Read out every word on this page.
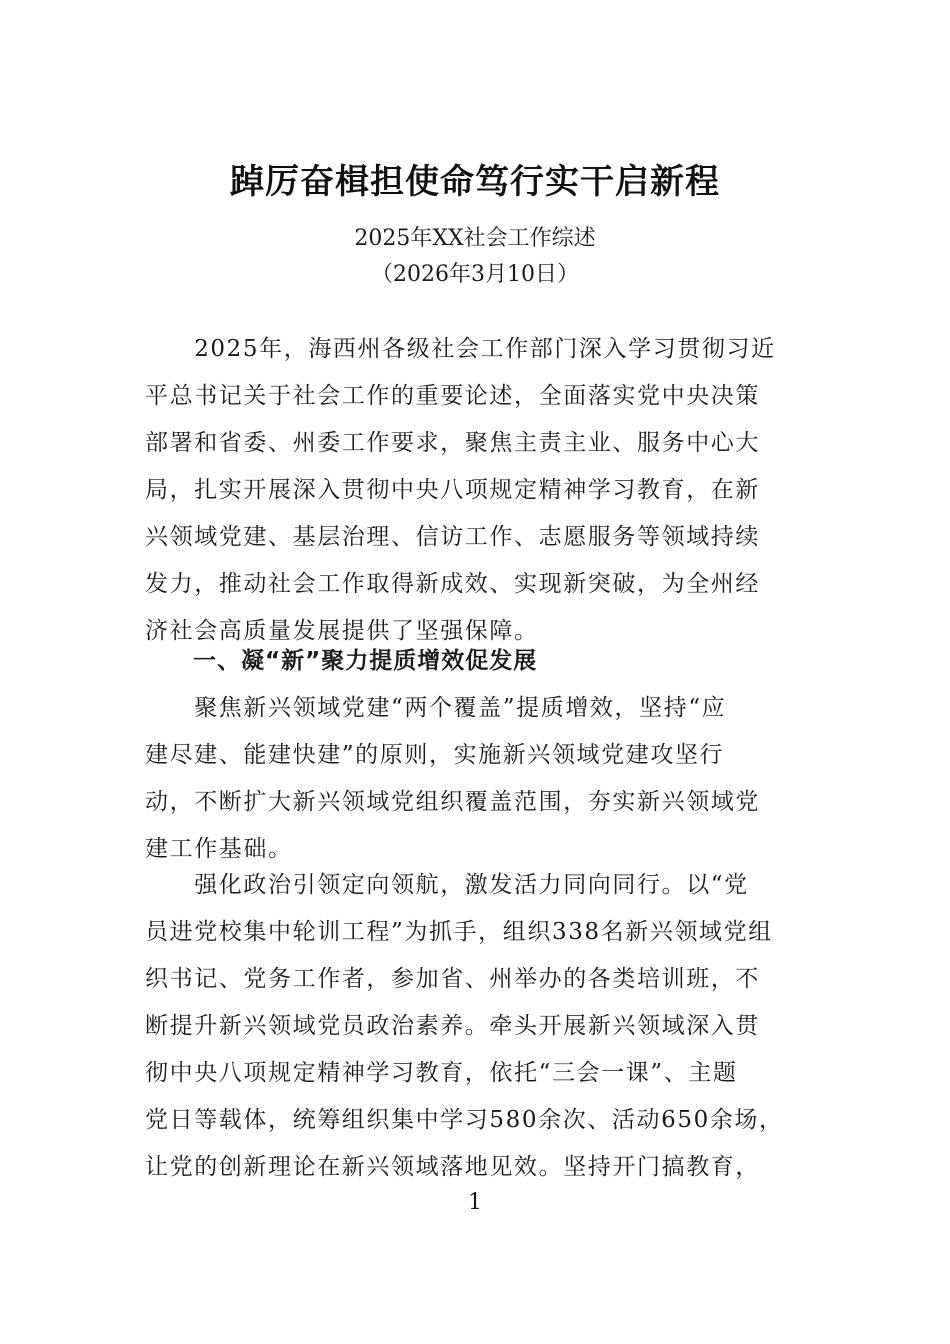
踔厉奋楫担使命笃行实干启新程
2025年XX社会工作综述
（2026年3月10日）
　　2025年，海西州各级社会工作部门深入学习贯彻习近
平总书记关于社会工作的重要论述，全面落实党中央决策
部署和省委、州委工作要求，聚焦主责主业、服务中心大
局，扎实开展深入贯彻中央八项规定精神学习教育，在新
兴领域党建、基层治理、信访工作、志愿服务等领域持续
发力，推动社会工作取得新成效、实现新突破，为全州经
济社会高质量发展提供了坚强保障。
一、凝“新”聚力提质增效促发展
　　聚焦新兴领域党建“两个覆盖”提质增效，坚持“应
建尽建、能建快建”的原则，实施新兴领域党建攻坚行
动，不断扩大新兴领域党组织覆盖范围，夯实新兴领域党
建工作基础。
　　强化政治引领定向领航，激发活力同向同行。以“党
员进党校集中轮训工程”为抓手，组织338名新兴领域党组
织书记、党务工作者，参加省、州举办的各类培训班，不
断提升新兴领域党员政治素养。牵头开展新兴领域深入贯
彻中央八项规定精神学习教育，依托“三会一课”、主题
党日等载体，统筹组织集中学习580余次、活动650余场，
让党的创新理论在新兴领域落地见效。坚持开门搞教育，
1
